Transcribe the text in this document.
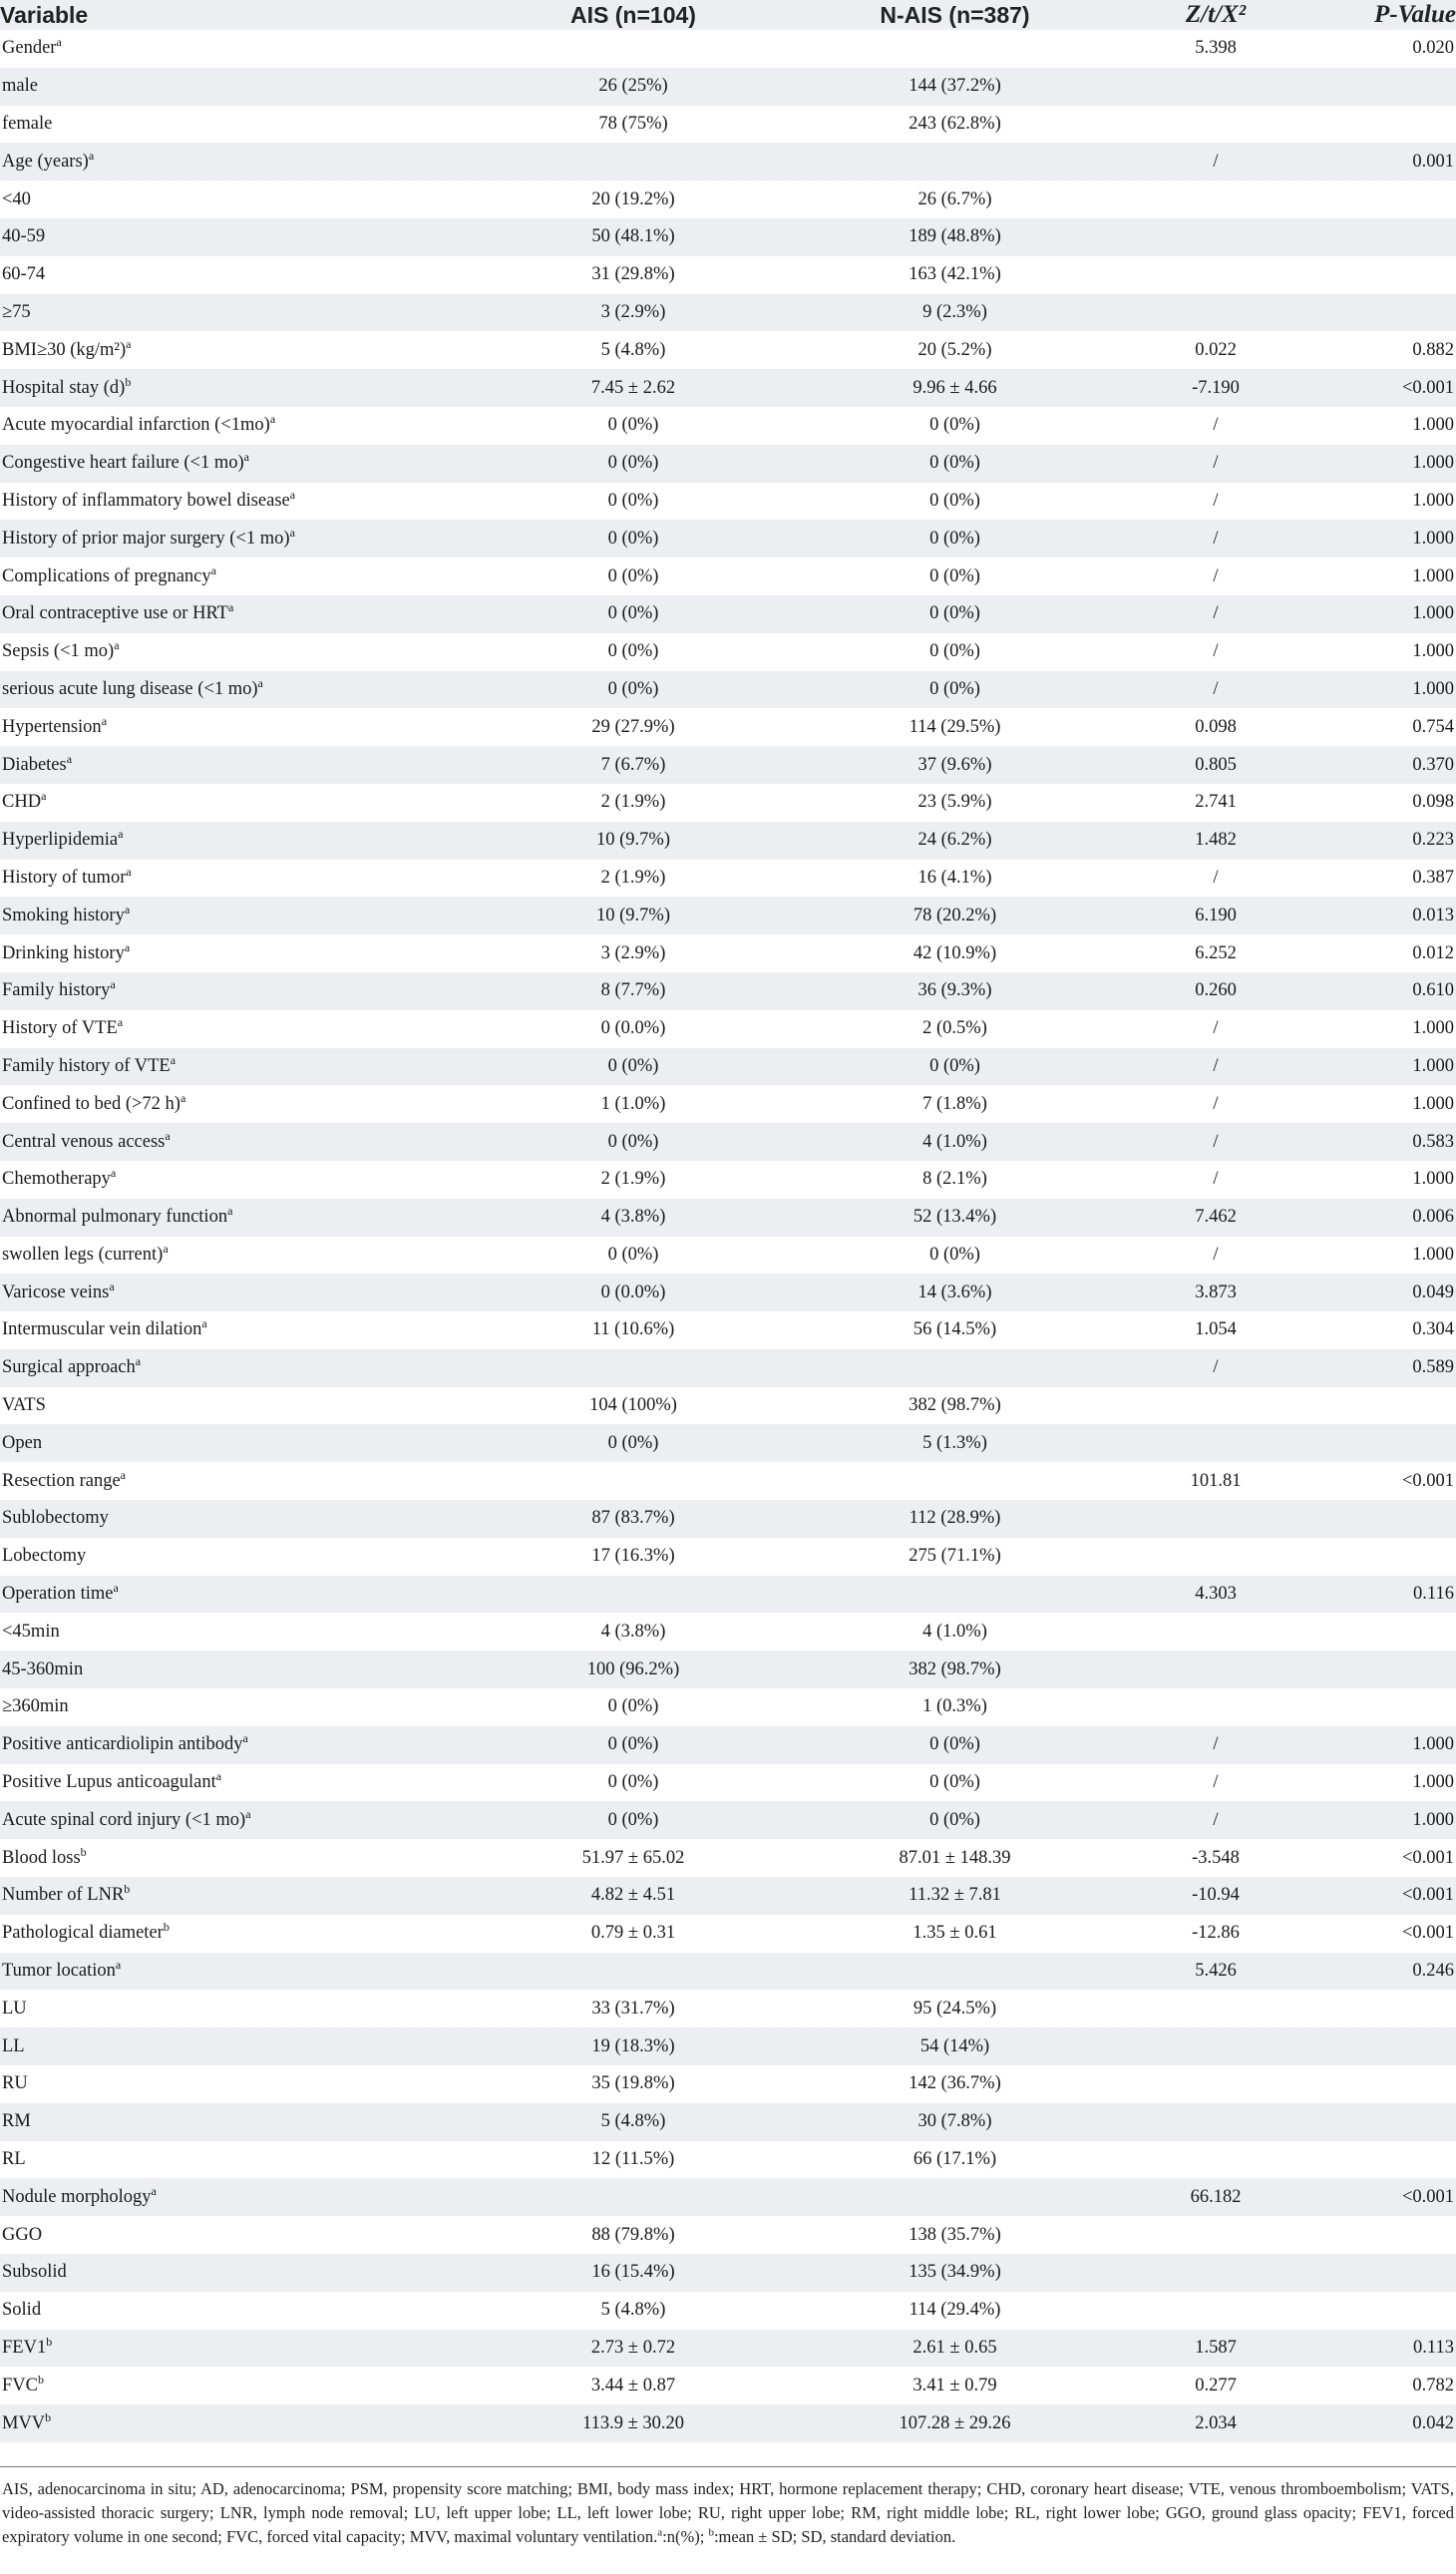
Variable	AIS (n=104)	N-AIS (n=387)	Z/t/X²	P-Value
Gender$^a$			5.398	0.020
male	26 (25%)	144 (37.2%)		
female	78 (75%)	243 (62.8%)		
Age (years)$^a$			/	0.001
<40	20 (19.2%)	26 (6.7%)		
40-59	50 (48.1%)	189 (48.8%)		
60-74	31 (29.8%)	163 (42.1%)		
≥75	3 (2.9%)	9 (2.3%)		
BMI≥30 $(kg/m^2)^a$	5 (4.8%)	20 (5.2%)	0.022	0.882
Hospital stay $(d)^b$	7.45 ± 2.62	9.96 ± 4.66	-7.190	<0.001
Acute myocardial infarction (<1mo)$^a$	0 (0%)	0 (0%)	/	1.000
Congestive heart failure (<1 mo)$^a$	0 (0%)	0 (0%)	/	1.000
History of inflammatory bowel disease$^a$	0 (0%)	0 (0%)	/	1.000
History of prior major surgery (<1 mo)$^a$	0 (0%)	0 (0%)	/	1.000
Complications of pregnancy$^a$	0 (0%)	0 (0%)	/	1.000
Oral contraceptive use or HRT$^a$	0 (0%)	0 (0%)	/	1.000
Sepsis (<1 mo)$^a$	0 (0%)	0 (0%)	/	1.000
serious acute lung disease (<1 mo)$^a$	0 (0%)	0 (0%)	/	1.000
Hypertension$^a$	29 (27.9%)	114 (29.5%)	0.098	0.754
Diabetes$^a$	7 (6.7%)	37 (9.6%)	0.805	0.370
CHD$^a$	2 (1.9%)	23 (5.9%)	2.741	0.098
Hyperlipidemia$^a$	10 (9.7%)	24 (6.2%)	1.482	0.223
History of tumor$^a$	2 (1.9%)	16 (4.1%)	/	0.387
Smoking history$^a$	10 (9.7%)	78 (20.2%)	6.190	0.013
Drinking history$^a$	3 (2.9%)	42 (10.9%)	6.252	0.012
Family history$^a$	8 (7.7%)	36 (9.3%)	0.260	0.610
History of VTE$^a$	0 (0.0%)	2 (0.5%)	/	1.000
Family history of VTE$^a$	0 (0%)	0 (0%)	/	1.000
Confined to bed (>72 h)$^a$	1 (1.0%)	7 (1.8%)	/	1.000
Central venous access$^a$	0 (0%)	4 (1.0%)	/	0.583
Chemotherapy$^a$	2 (1.9%)	8 (2.1%)	/	1.000
Abnormal pulmonary function$^a$	4 (3.8%)	52 (13.4%)	7.462	0.006
swollen legs (current)$^a$	0 (0%)	0 (0%)	/	1.000
Varicose veins$^a$	0 (0.0%)	14 (3.6%)	3.873	0.049
Intermuscular vein dilation$^a$	11 (10.6%)	56 (14.5%)	1.054	0.304
Surgical approach$^a$			/	0.589
VATS	104 (100%)	382 (98.7%)		
Open	0 (0%)	5 (1.3%)		
Resection range$^a$			101.81	<0.001
Sublobectomy	87 (83.7%)	112 (28.9%)		
Lobectomy	17 (16.3%)	275 (71.1%)		
Operation time$^a$			4.303	0.116
<45min	4 (3.8%)	4 (1.0%)		
45-360min	100 (96.2%)	382 (98.7%)		
≥360min	0 (0%)	1 (0.3%)		
Positive anticardiolipin antibody$^a$	0 (0%)	0 (0%)	/	1.000
Positive Lupus anticoagulant$^a$	0 (0%)	0 (0%)	/	1.000
Acute spinal cord injury (<1 mo)$^a$	0 (0%)	0 (0%)	/	1.000
Blood loss$^b$	51.97 ± 65.02	87.01 ± 148.39	-3.548	<0.001
Number of LNR$^b$	4.82 ± 4.51	11.32 ± 7.81	-10.94	<0.001
Pathological diameter$^b$	0.79 ± 0.31	1.35 ± 0.61	-12.86	<0.001
Tumor location$^a$			5.426	0.246
LU	33 (31.7%)	95 (24.5%)		
LL	19 (18.3%)	54 (14%)		
RU	35 (19.8%)	142 (36.7%)		
RM	5 (4.8%)	30 (7.8%)		
RL	12 (11.5%)	66 (17.1%)		
Nodule morphology$^a$			66.182	<0.001
GGO	88 (79.8%)	138 (35.7%)		
Subsolid	16 (15.4%)	135 (34.9%)		
Solid	5 (4.8%)	114 (29.4%)		
FEV1$^b$	2.73 ± 0.72	2.61 ± 0.65	1.587	0.113
FVC$^b$	3.44 ± 0.87	3.41 ± 0.79	0.277	0.782
MVV$^b$	113.9 ± 30.20	107.28 ± 29.26	2.034	0.042
AIS, adenocarcinoma in situ; AD, adenocarcinoma; PSM, propensity score matching; BMI, body mass index; HRT, hormone replacement therapy; CHD, coronary heart disease; VTE, venous thromboembolism; VATS, video-assisted thoracic surgery; LNR, lymph node removal; LU, left upper lobe; LL, left lower lobe; RU, right upper lobe; RM, right middle lobe; RL, right lower lobe; GGO, ground glass opacity; FEV1, forced expiratory volume in one second; FVC, forced vital capacity; MVV, maximal voluntary ventilation.$^a$:n(%); $^b$:mean ± SD; SD, standard deviation.
